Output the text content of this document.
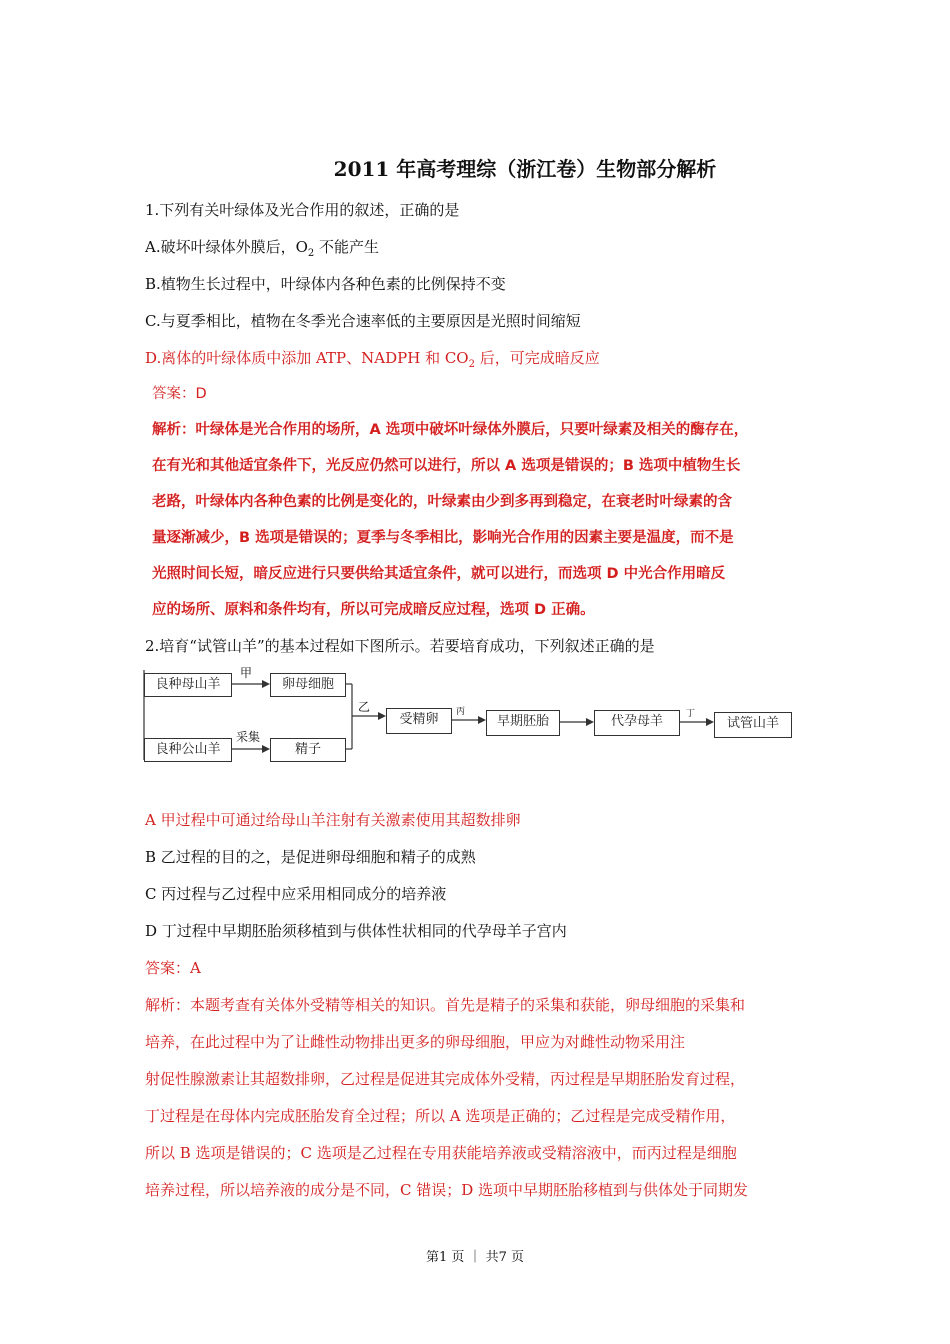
2011 年高考理综（浙江卷）生物部分解析
1.下列有关叶绿体及光合作用的叙述，正确的是
A.破坏叶绿体外膜后，$O_2$ 不能产生
B.植物生长过程中，叶绿体内各种色素的比例保持不变
C.与夏季相比，植物在冬季光合速率低的主要原因是光照时间缩短
D.离体的叶绿体质中添加 ATP、NADPH 和 $CO_2$ 后，可完成暗反应
答案：D
解析：叶绿体是光合作用的场所，A 选项中破坏叶绿体外膜后，只要叶绿素及相关的酶存在，
在有光和其他适宜条件下，光反应仍然可以进行，所以 A 选项是错误的；B 选项中植物生长
老路，叶绿体内各种色素的比例是变化的，叶绿素由少到多再到稳定，在衰老时叶绿素的含
量逐渐减少，B 选项是错误的；夏季与冬季相比，影响光合作用的因素主要是温度，而不是
光照时间长短，暗反应进行只要供给其适宜条件，就可以进行，而选项 D 中光合作用暗反
应的场所、原料和条件均有，所以可完成暗反应过程，选项 D 正确。
2.培育“试管山羊”的基本过程如下图所示。若要培育成功，下列叙述正确的是
良种母山羊	卵母细胞
良种公山羊	精子
受精卵	早期胚胎	代孕母羊	试管山羊
甲
采集
乙	丙	丁
A 甲过程中可通过给母山羊注射有关激素使用其超数排卵
B 乙过程的目的之，是促进卵母细胞和精子的成熟
C 丙过程与乙过程中应采用相同成分的培养液
D 丁过程中早期胚胎须移植到与供体性状相同的代孕母羊子宫内
答案：A
解析：本题考查有关体外受精等相关的知识。首先是精子的采集和获能，卵母细胞的采集和
培养，在此过程中为了让雌性动物排出更多的卵母细胞，甲应为对雌性动物采用注
射促性腺激素让其超数排卵，乙过程是促进其完成体外受精，丙过程是早期胚胎发育过程，
丁过程是在母体内完成胚胎发育全过程；所以 A 选项是正确的；乙过程是完成受精作用，
所以 B 选项是错误的；C 选项是乙过程在专用获能培养液或受精溶液中，而丙过程是细胞
培养过程，所以培养液的成分是不同，C 错误；D 选项中早期胚胎移植到与供体处于同期发
第1 页 ｜ 共7 页
